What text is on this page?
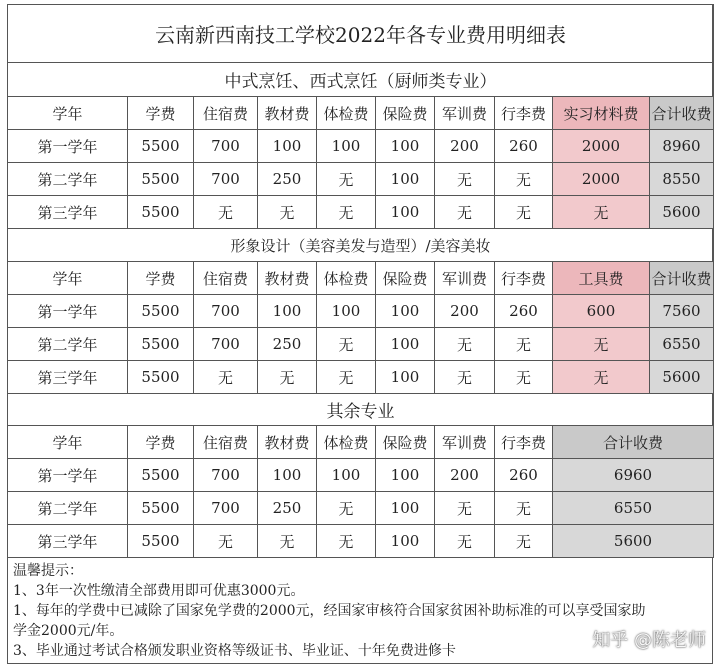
云南新西南技工学校2022年各专业费用明细表									
中式烹饪、西式烹饪（厨师类专业）									
学年	学费	住宿费	教材费	体检费	保险费	军训费	行李费	实习材料费	合计收费
第一学年	5500	700	100	100	100	200	260	2000	8960
第二学年	5500	700	250	无	100	无	无	2000	8550
第三学年	5500	无	无	无	100	无	无	无	5600
形象设计（美容美发与造型）/美容美妆									
学年	学费	住宿费	教材费	体检费	保险费	军训费	行李费	工具费	合计收费
第一学年	5500	700	100	100	100	200	260	600	7560
第二学年	5500	700	250	无	100	无	无	无	6550
第三学年	5500	无	无	无	100	无	无	无	5600
其余专业									
学年	学费	住宿费	教材费	体检费	保险费	军训费	行李费	合计收费	
第一学年	5500	700	100	100	100	200	260	6960	
第二学年	5500	700	250	无	100	无	无	6550	
第三学年	5500	无	无	无	100	无	无	5600	
温馨提示：
1、3年一次性缴清全部费用即可优惠3000元。
1、每年的学费中已减除了国家免学费的2000元，经国家审核符合国家贫困补助标准的可以享受国家助
学金2000元/年。
3、毕业通过考试合格颁发职业资格等级证书、毕业证、十年免费进修卡	知乎 @陈老师
